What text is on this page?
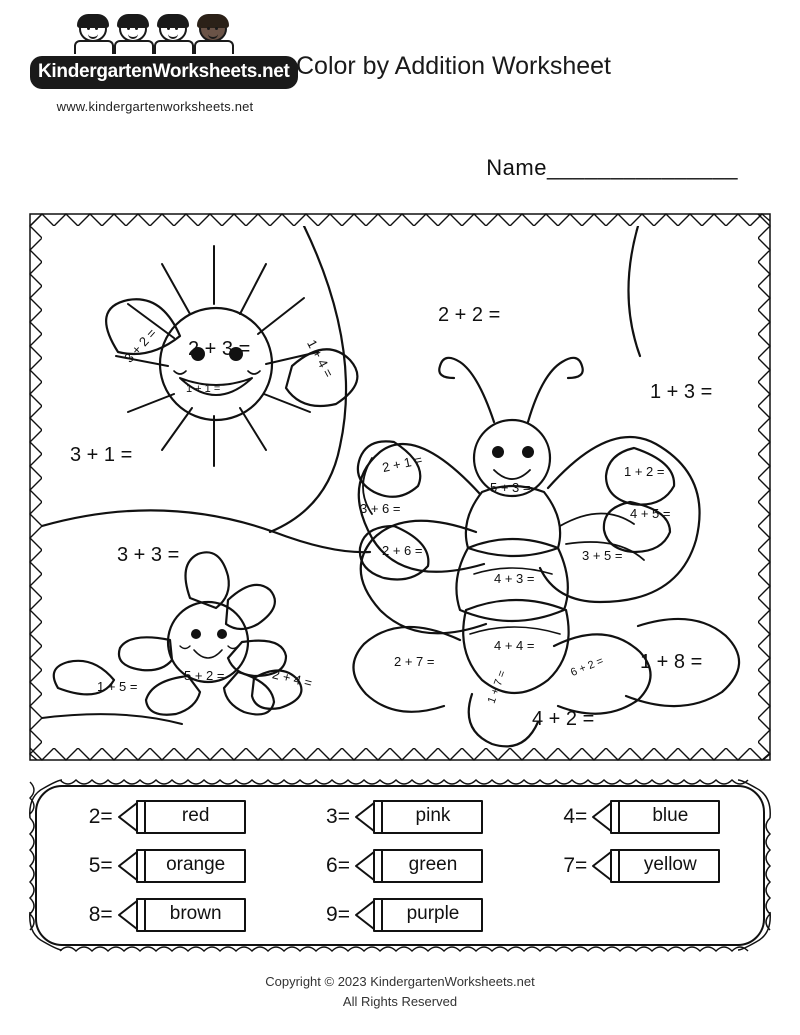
KindergartenWorksheets.net
www.kindergartenworksheets.net
Color by Addition Worksheet
Name_______________
3 + 2 = 2 + 3 =	1 + 4 =
1 + 1 =
3 + 1 =
2 + 2 =
1 + 3 =
3 + 3 =
2 + 1 =
3 + 6 =
2 + 6 =
5 + 3 =
4 + 3 =
4 + 4 =
1 + 2 =
4 + 5 =
3 + 5 =
2 + 7 =
1 + 7 =
6 + 2 = 1 + 8 =
4 + 2 =
1 + 5 =
5 + 2 =	2 + 4 =
2=	red	3=	pink	4=	blue
5=	orange	6=	green	7=	yellow
8=	brown	9=	purple
Copyright © 2023 KindergartenWorksheets.net
All Rights Reserved
